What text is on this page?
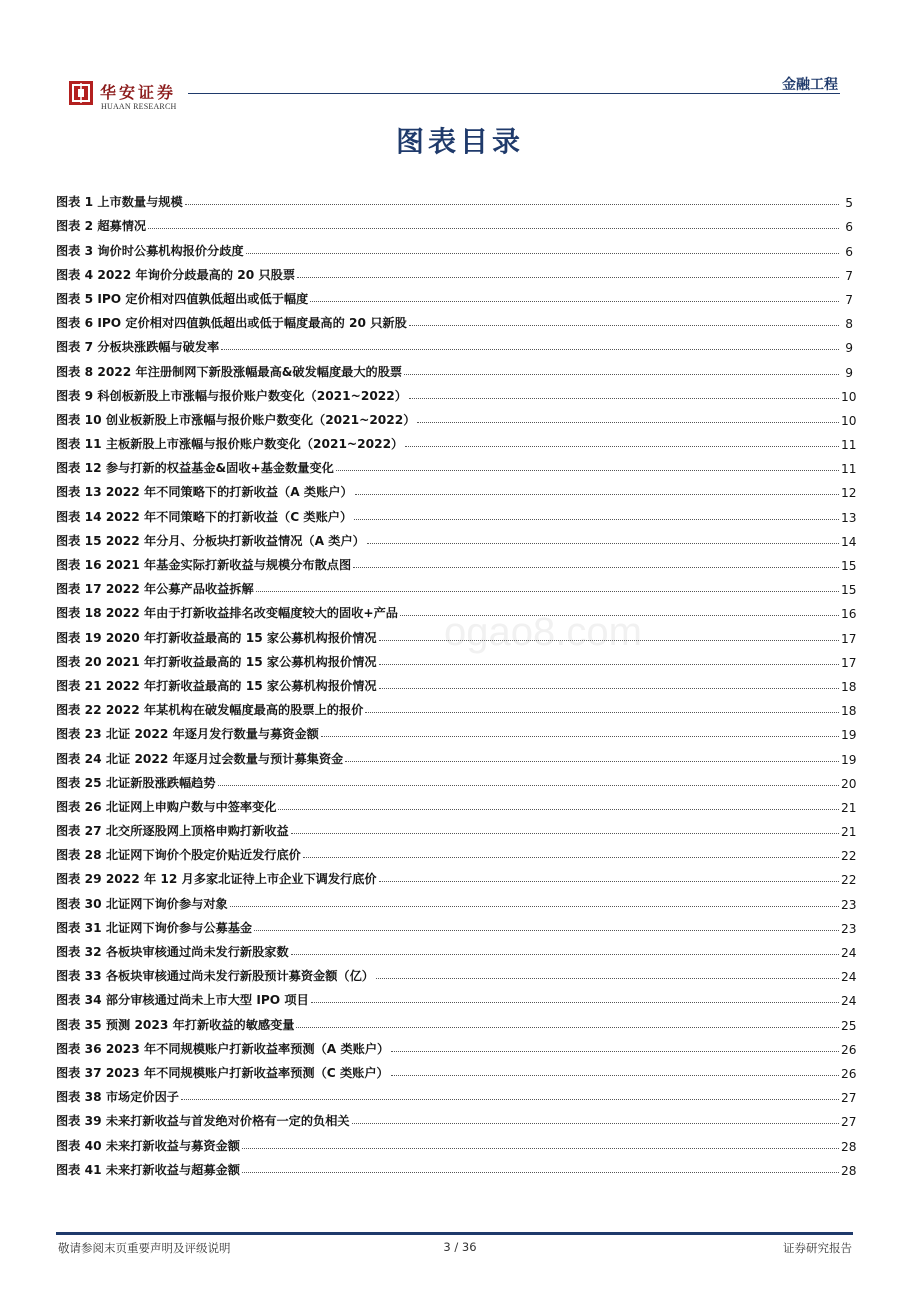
华安证券
HUAAN RESEARCH
金融工程
图表目录
ogao8.com
图表 1 上市数量与规模	5
图表 2 超募情况	6
图表 3 询价时公募机构报价分歧度	6
图表 4 2022 年询价分歧最高的 20 只股票	7
图表 5 IPO 定价相对四值孰低超出或低于幅度	7
图表 6 IPO 定价相对四值孰低超出或低于幅度最高的 20 只新股	8
图表 7 分板块涨跌幅与破发率	9
图表 8 2022 年注册制网下新股涨幅最高&破发幅度最大的股票	9
图表 9 科创板新股上市涨幅与报价账户数变化（2021~2022）	10
图表 10 创业板新股上市涨幅与报价账户数变化（2021~2022）	10
图表 11 主板新股上市涨幅与报价账户数变化（2021~2022）	11
图表 12 参与打新的权益基金&固收+基金数量变化	11
图表 13 2022 年不同策略下的打新收益（A 类账户）	12
图表 14 2022 年不同策略下的打新收益（C 类账户）	13
图表 15 2022 年分月、分板块打新收益情况（A 类户）	14
图表 16 2021 年基金实际打新收益与规模分布散点图	15
图表 17 2022 年公募产品收益拆解	15
图表 18 2022 年由于打新收益排名改变幅度较大的固收+产品	16
图表 19 2020 年打新收益最高的 15 家公募机构报价情况	17
图表 20 2021 年打新收益最高的 15 家公募机构报价情况	17
图表 21 2022 年打新收益最高的 15 家公募机构报价情况	18
图表 22 2022 年某机构在破发幅度最高的股票上的报价	18
图表 23 北证 2022 年逐月发行数量与募资金额	19
图表 24 北证 2022 年逐月过会数量与预计募集资金	19
图表 25 北证新股涨跌幅趋势	20
图表 26 北证网上申购户数与中签率变化	21
图表 27 北交所逐股网上顶格申购打新收益	21
图表 28 北证网下询价个股定价贴近发行底价	22
图表 29 2022 年 12 月多家北证待上市企业下调发行底价	22
图表 30 北证网下询价参与对象	23
图表 31 北证网下询价参与公募基金	23
图表 32 各板块审核通过尚未发行新股家数	24
图表 33 各板块审核通过尚未发行新股预计募资金额（亿）	24
图表 34 部分审核通过尚未上市大型 IPO 项目	24
图表 35 预测 2023 年打新收益的敏感变量	25
图表 36 2023 年不同规模账户打新收益率预测（A 类账户）	26
图表 37 2023 年不同规模账户打新收益率预测（C 类账户）	26
图表 38 市场定价因子	27
图表 39 未来打新收益与首发绝对价格有一定的负相关	27
图表 40 未来打新收益与募资金额	28
图表 41 未来打新收益与超募金额	28
敬请参阅末页重要声明及评级说明	3 / 36	证券研究报告
